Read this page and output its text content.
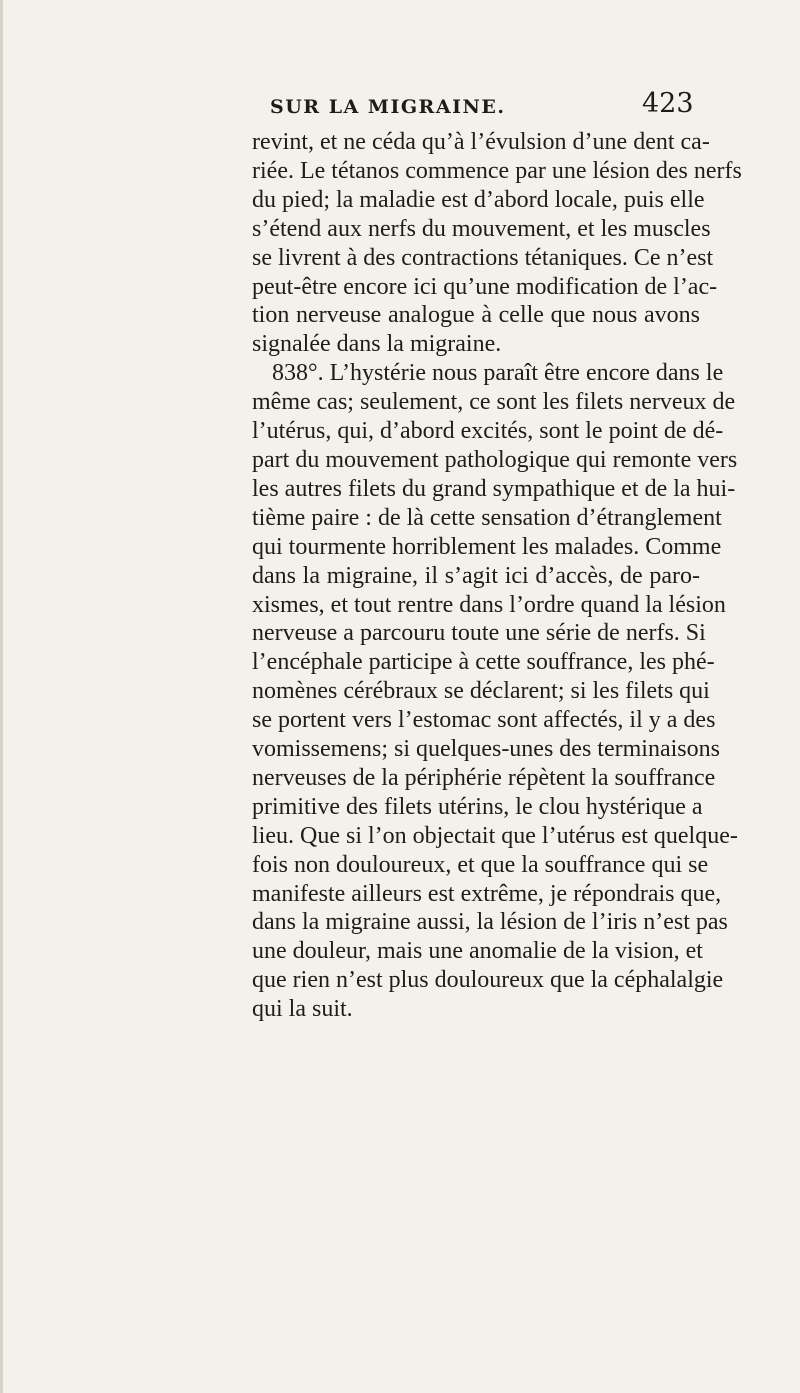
SUR LA MIGRAINE.	423
revint, et ne céda qu’à l’évulsion d’une dent ca-
riée. Le tétanos commence par une lésion des nerfs
du pied; la maladie est d’abord locale, puis elle
s’étend aux nerfs du mouvement, et les muscles
se livrent à des contractions tétaniques. Ce n’est
peut-être encore ici qu’une modification de l’ac-
tion nerveuse analogue à celle que nous avons
signalée dans la migraine.
838°. L’hystérie nous paraît être encore dans le
même cas; seulement, ce sont les filets nerveux de
l’utérus, qui, d’abord excités, sont le point de dé-
part du mouvement pathologique qui remonte vers
les autres filets du grand sympathique et de la hui-
tième paire : de là cette sensation d’étranglement
qui tourmente horriblement les malades. Comme
dans la migraine, il s’agit ici d’accès, de paro-
xismes, et tout rentre dans l’ordre quand la lésion
nerveuse a parcouru toute une série de nerfs. Si
l’encéphale participe à cette souffrance, les phé-
nomènes cérébraux se déclarent; si les filets qui
se portent vers l’estomac sont affectés, il y a des
vomissemens; si quelques-unes des terminaisons
nerveuses de la périphérie répètent la souffrance
primitive des filets utérins, le clou hystérique a
lieu. Que si l’on objectait que l’utérus est quelque-
fois non douloureux, et que la souffrance qui se
manifeste ailleurs est extrême, je répondrais que,
dans la migraine aussi, la lésion de l’iris n’est pas
une douleur, mais une anomalie de la vision, et
que rien n’est plus douloureux que la céphalalgie
qui la suit.
